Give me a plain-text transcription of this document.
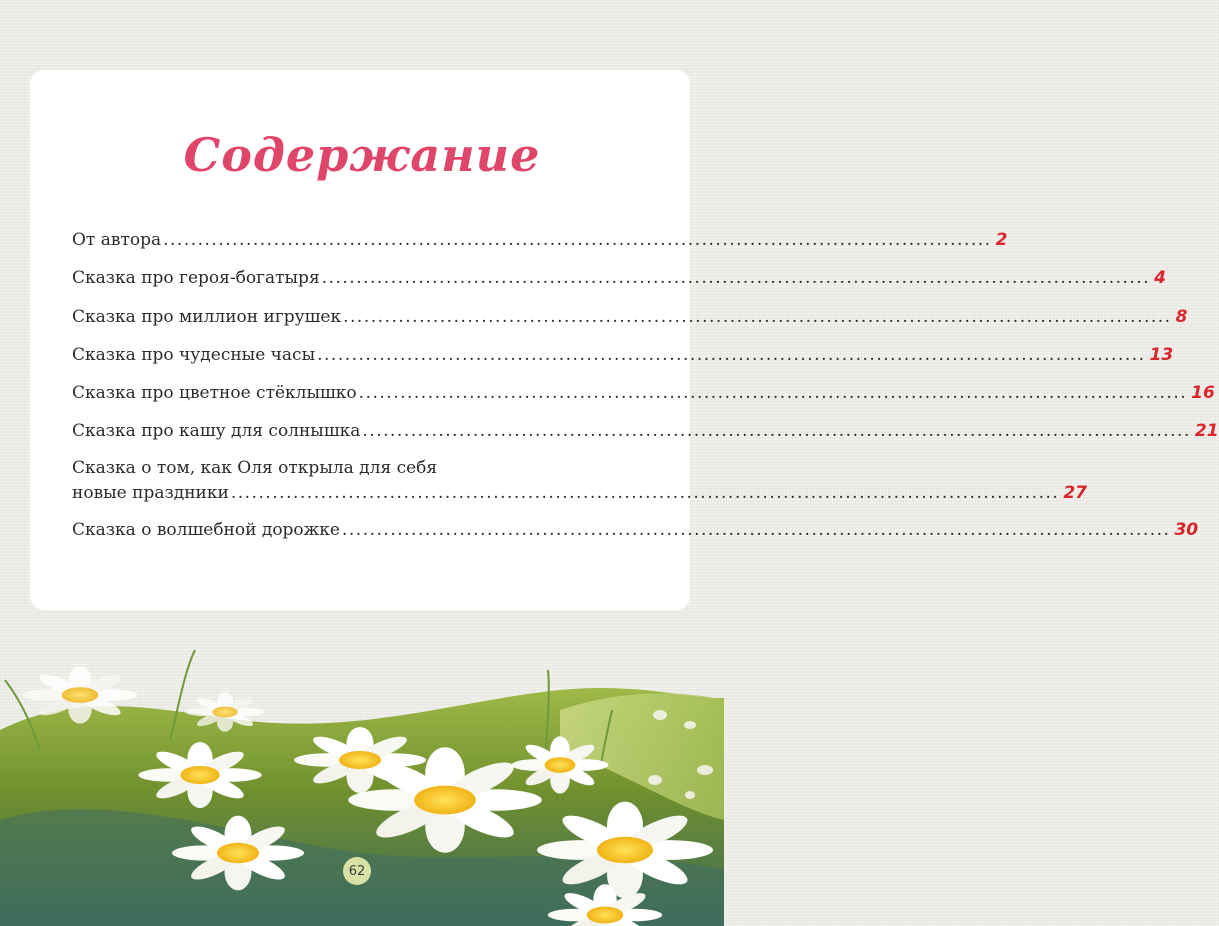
Содержание
От автора ........................................................................................................................ 2
Сказка про героя-богатыря ........................................................................................................................ 4
Сказка про миллион игрушек ........................................................................................................................ 8
Сказка про чудесные часы ........................................................................................................................ 13
Сказка про цветное стёклышко ........................................................................................................................ 16
Сказка про кашу для солнышка ........................................................................................................................ 21
Сказка о том, как Оля открыла для себя
новые праздники ........................................................................................................................ 27
Сказка о волшебной дорожке ........................................................................................................................ 30
62
